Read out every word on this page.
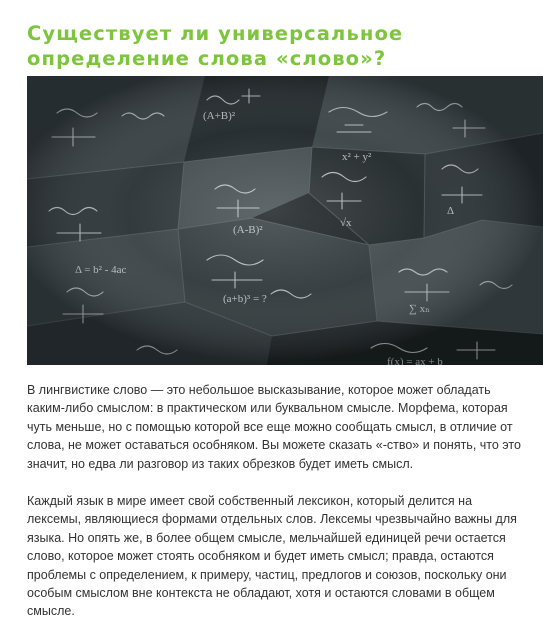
Существует ли универсальное определение слова «слово»?

В лингвистике слово — это небольшое высказывание, которое может обладать каким-либо смыслом: в практическом или буквальном смысле. Морфема, которая чуть меньше, но с помощью которой все еще можно сообщать смысл, в отличие от слова, не может оставаться особняком. Вы можете сказать «-ство» и понять, что это значит, но едва ли разговор из таких обрезков будет иметь смысл.

Каждый язык в мире имеет свой собственный лексикон, который делится на лексемы, являющиеся формами отдельных слов. Лексемы чрезвычайно важны для языка. Но опять же, в более общем смысле, мельчайшей единицей речи остается слово, которое может стоять особняком и будет иметь смысл; правда, остаются проблемы с определением, к примеру, частиц, предлогов и союзов, поскольку они особым смыслом вне контекста не обладают, хотя и остаются словами в общем смысле.
